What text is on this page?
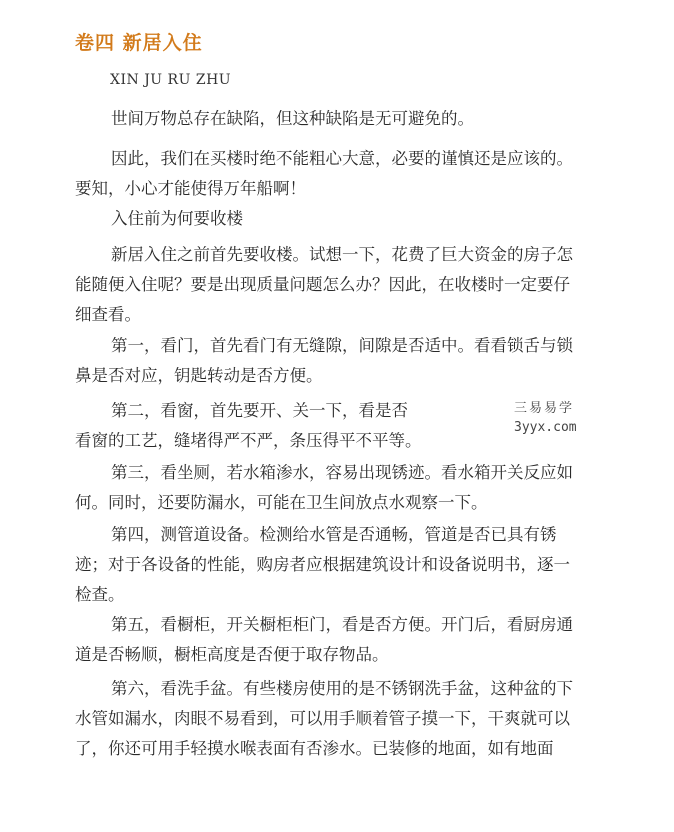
卷四 新居入住
XIN JU RU ZHU

世间万物总存在缺陷，但这种缺陷是无可避免的。

因此，我们在买楼时绝不能粗心大意，必要的谨慎还是应该的。
要知，小心才能使得万年船啊！

入住前为何要收楼

新居入住之前首先要收楼。试想一下，花费了巨大资金的房子怎
能随便入住呢？要是出现质量问题怎么办？因此，在收楼时一定要仔
细查看。

第一，看门，首先看门有无缝隙，间隙是否适中。看看锁舌与锁
鼻是否对应，钥匙转动是否方便。

第二，看窗，首先要开、关一下，看是否
看窗的工艺，缝堵得严不严，条压得平不平等。

第三，看坐厕，若水箱渗水，容易出现锈迹。看水箱开关反应如
何。同时，还要防漏水，可能在卫生间放点水观察一下。

第四，测管道设备。检测给水管是否通畅，管道是否已具有锈
迹；对于各设备的性能，购房者应根据建筑设计和设备说明书，逐一
检查。

第五，看橱柜，开关橱柜柜门，看是否方便。开门后，看厨房通
道是否畅顺，橱柜高度是否便于取存物品。

第六，看洗手盆。有些楼房使用的是不锈钢洗手盆，这种盆的下
水管如漏水，肉眼不易看到，可以用手顺着管子摸一下，干爽就可以
了，你还可用手轻摸水喉表面有否渗水。已装修的地面，如有地面

三易易学
3yyx.com
